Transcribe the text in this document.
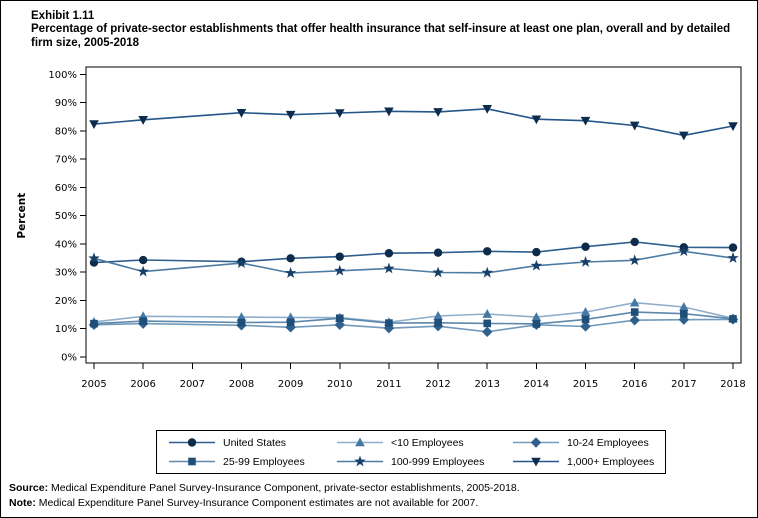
Exhibit 1.11
Percentage of private-sector establishments that offer health insurance that self-insure at least one plan, overall and by detailed firm size, 2005-2018
0%
10%
20%
30%
40%
50%
60%
70%
80%
90%
100%
Percent
2005 2006 2007 2008 2009 2010 2011 2012 2013 2014 2015 2016 2017 2018
United States	<10 Employees	10-24 Employees
25-99 Employees	100-999 Employees	1,000+ Employees
Source: Medical Expenditure Panel Survey-Insurance Component, private-sector establishments, 2005-2018.
Note: Medical Expenditure Panel Survey-Insurance Component estimates are not available for 2007.
